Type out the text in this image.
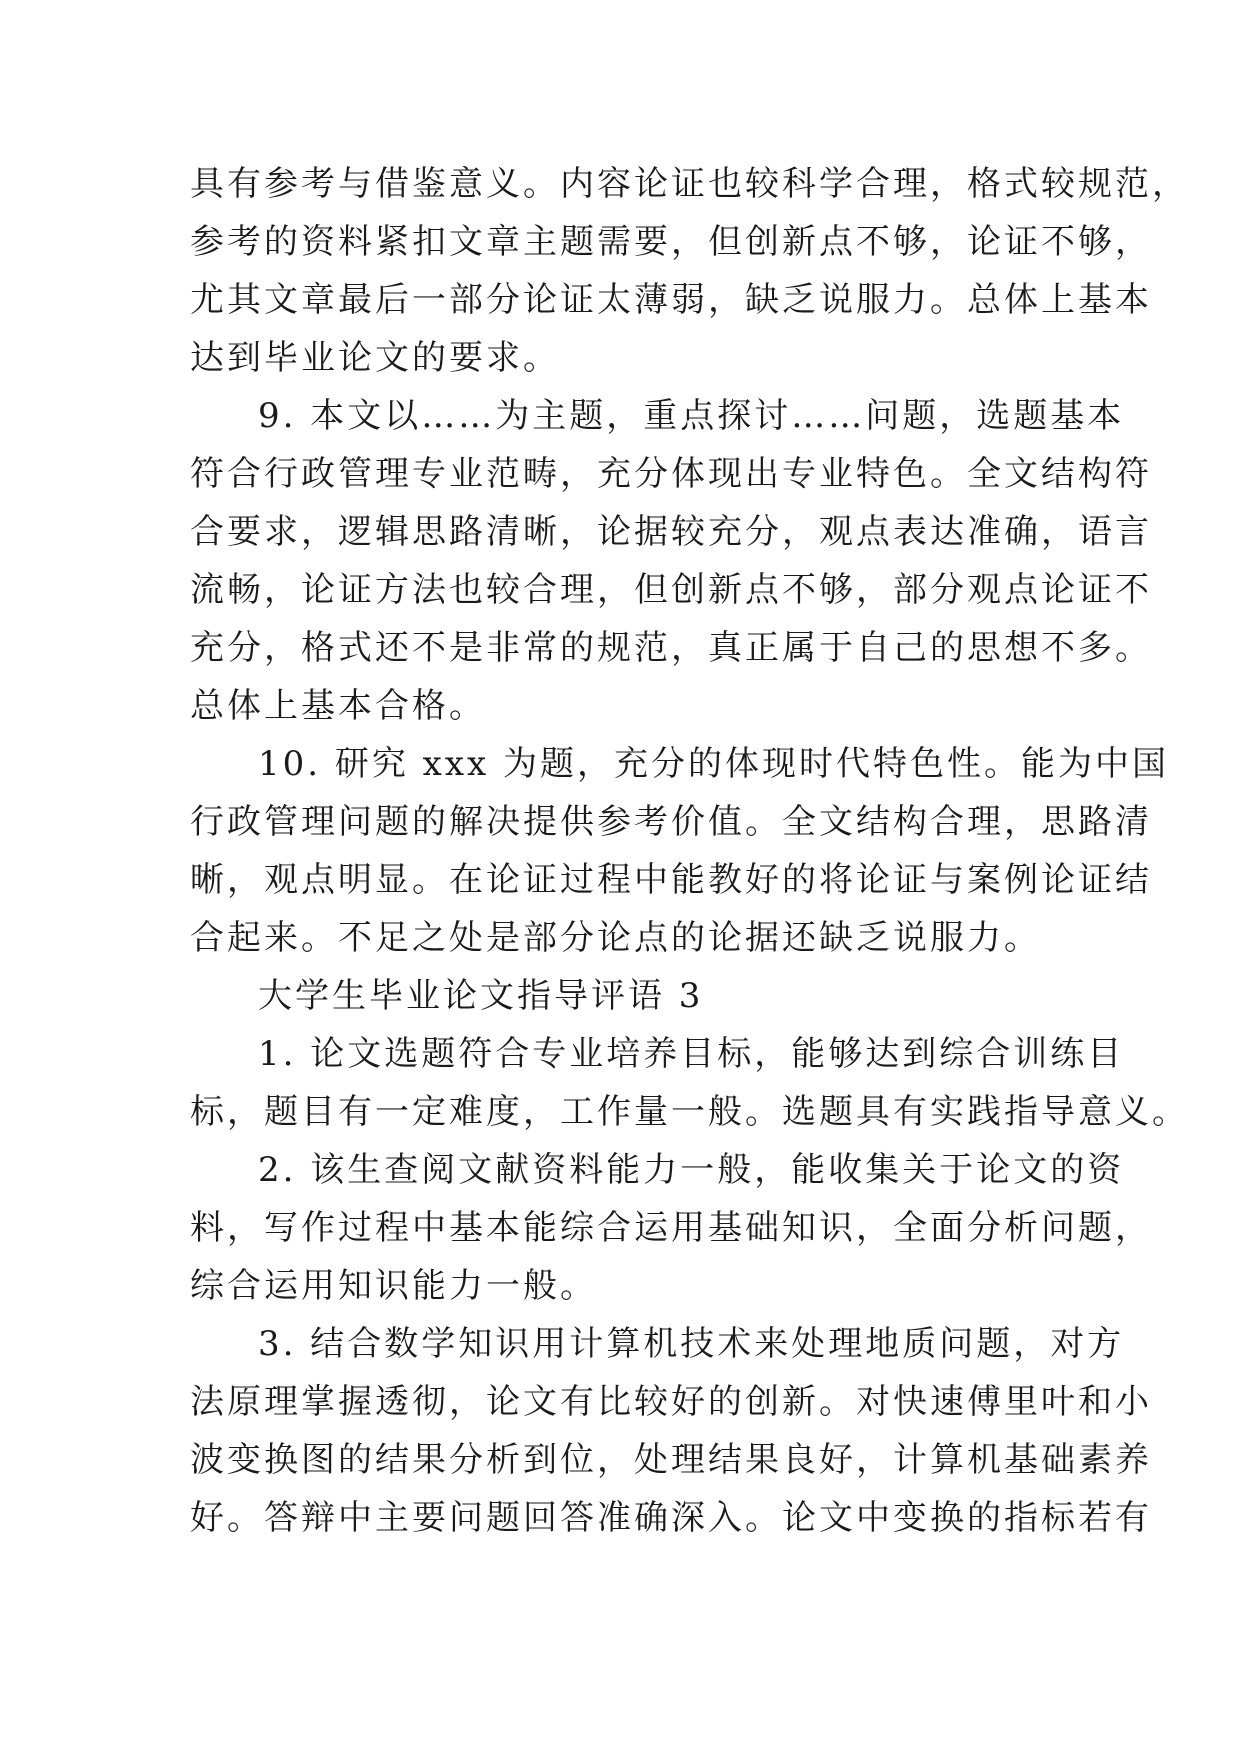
具有参考与借鉴意义。内容论证也较科学合理，格式较规范，
参考的资料紧扣文章主题需要，但创新点不够，论证不够，
尤其文章最后一部分论证太薄弱，缺乏说服力。总体上基本
达到毕业论文的要求。
9. 本文以……为主题，重点探讨……问题，选题基本
符合行政管理专业范畴，充分体现出专业特色。全文结构符
合要求，逻辑思路清晰，论据较充分，观点表达准确，语言
流畅，论证方法也较合理，但创新点不够，部分观点论证不
充分，格式还不是非常的规范，真正属于自己的思想不多。
总体上基本合格。
10. 研究 xxx 为题，充分的体现时代特色性。能为中国
行政管理问题的解决提供参考价值。全文结构合理，思路清
晰，观点明显。在论证过程中能教好的将论证与案例论证结
合起来。不足之处是部分论点的论据还缺乏说服力。
大学生毕业论文指导评语 3
1. 论文选题符合专业培养目标，能够达到综合训练目
标，题目有一定难度，工作量一般。选题具有实践指导意义。
2. 该生查阅文献资料能力一般，能收集关于论文的资
料，写作过程中基本能综合运用基础知识，全面分析问题，
综合运用知识能力一般。
3. 结合数学知识用计算机技术来处理地质问题，对方
法原理掌握透彻，论文有比较好的创新。对快速傅里叶和小
波变换图的结果分析到位，处理结果良好，计算机基础素养
好。答辩中主要问题回答准确深入。论文中变换的指标若有
